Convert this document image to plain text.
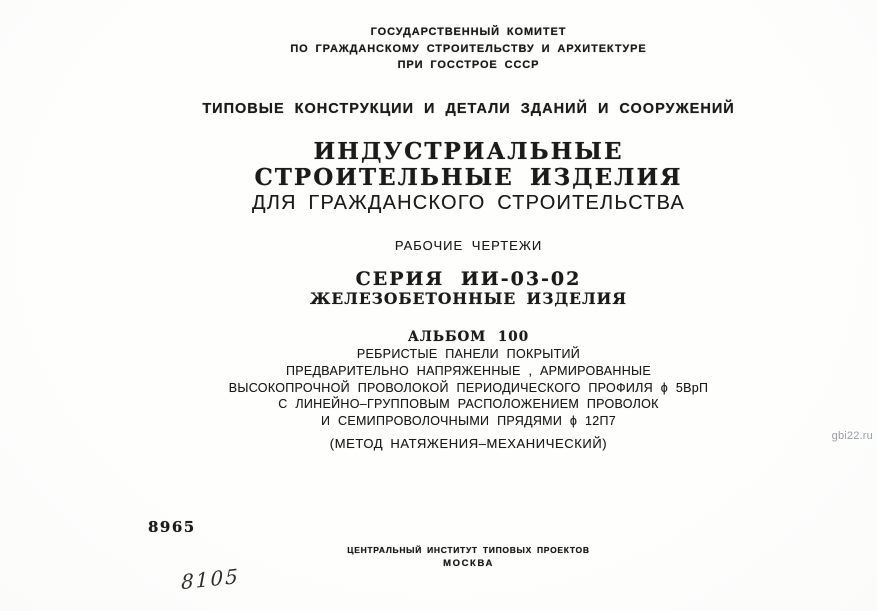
ГОСУДАРСТВЕННЫЙ КОМИТЕТ
ПО ГРАЖДАНСКОМУ СТРОИТЕЛЬСТВУ И АРХИТЕКТУРЕ
ПРИ ГОССТРОЕ СССР
ТИПОВЫЕ КОНСТРУКЦИИ И ДЕТАЛИ ЗДАНИЙ И СООРУЖЕНИЙ
ИНДУСТРИАЛЬНЫЕ
СТРОИТЕЛЬНЫЕ ИЗДЕЛИЯ
ДЛЯ ГРАЖДАНСКОГО СТРОИТЕЛЬСТВА
РАБОЧИЕ ЧЕРТЕЖИ
СЕРИЯ ИИ-03-02
ЖЕЛЕЗОБЕТОННЫЕ ИЗДЕЛИЯ
АЛЬБОМ 100
РЕБРИСТЫЕ ПАНЕЛИ ПОКРЫТИЙ
ПРЕДВАРИТЕЛЬНО НАПРЯЖЕННЫЕ , АРМИРОВАННЫЕ
ВЫСОКОПРОЧНОЙ ПРОВОЛОКОЙ ПЕРИОДИЧЕСКОГО ПРОФИЛЯ ϕ 5ВрП
С ЛИНЕЙНО–ГРУППОВЫМ РАСПОЛОЖЕНИЕМ ПРОВОЛОК
И СЕМИПРОВОЛОЧНЫМИ ПРЯДЯМИ ϕ 12П7
(МЕТОД НАТЯЖЕНИЯ–МЕХАНИЧЕСКИЙ)
8965
ЦЕНТРАЛЬНЫЙ ИНСТИТУТ ТИПОВЫХ ПРОЕКТОВ
МОСКВА
8105
gbi22.ru
